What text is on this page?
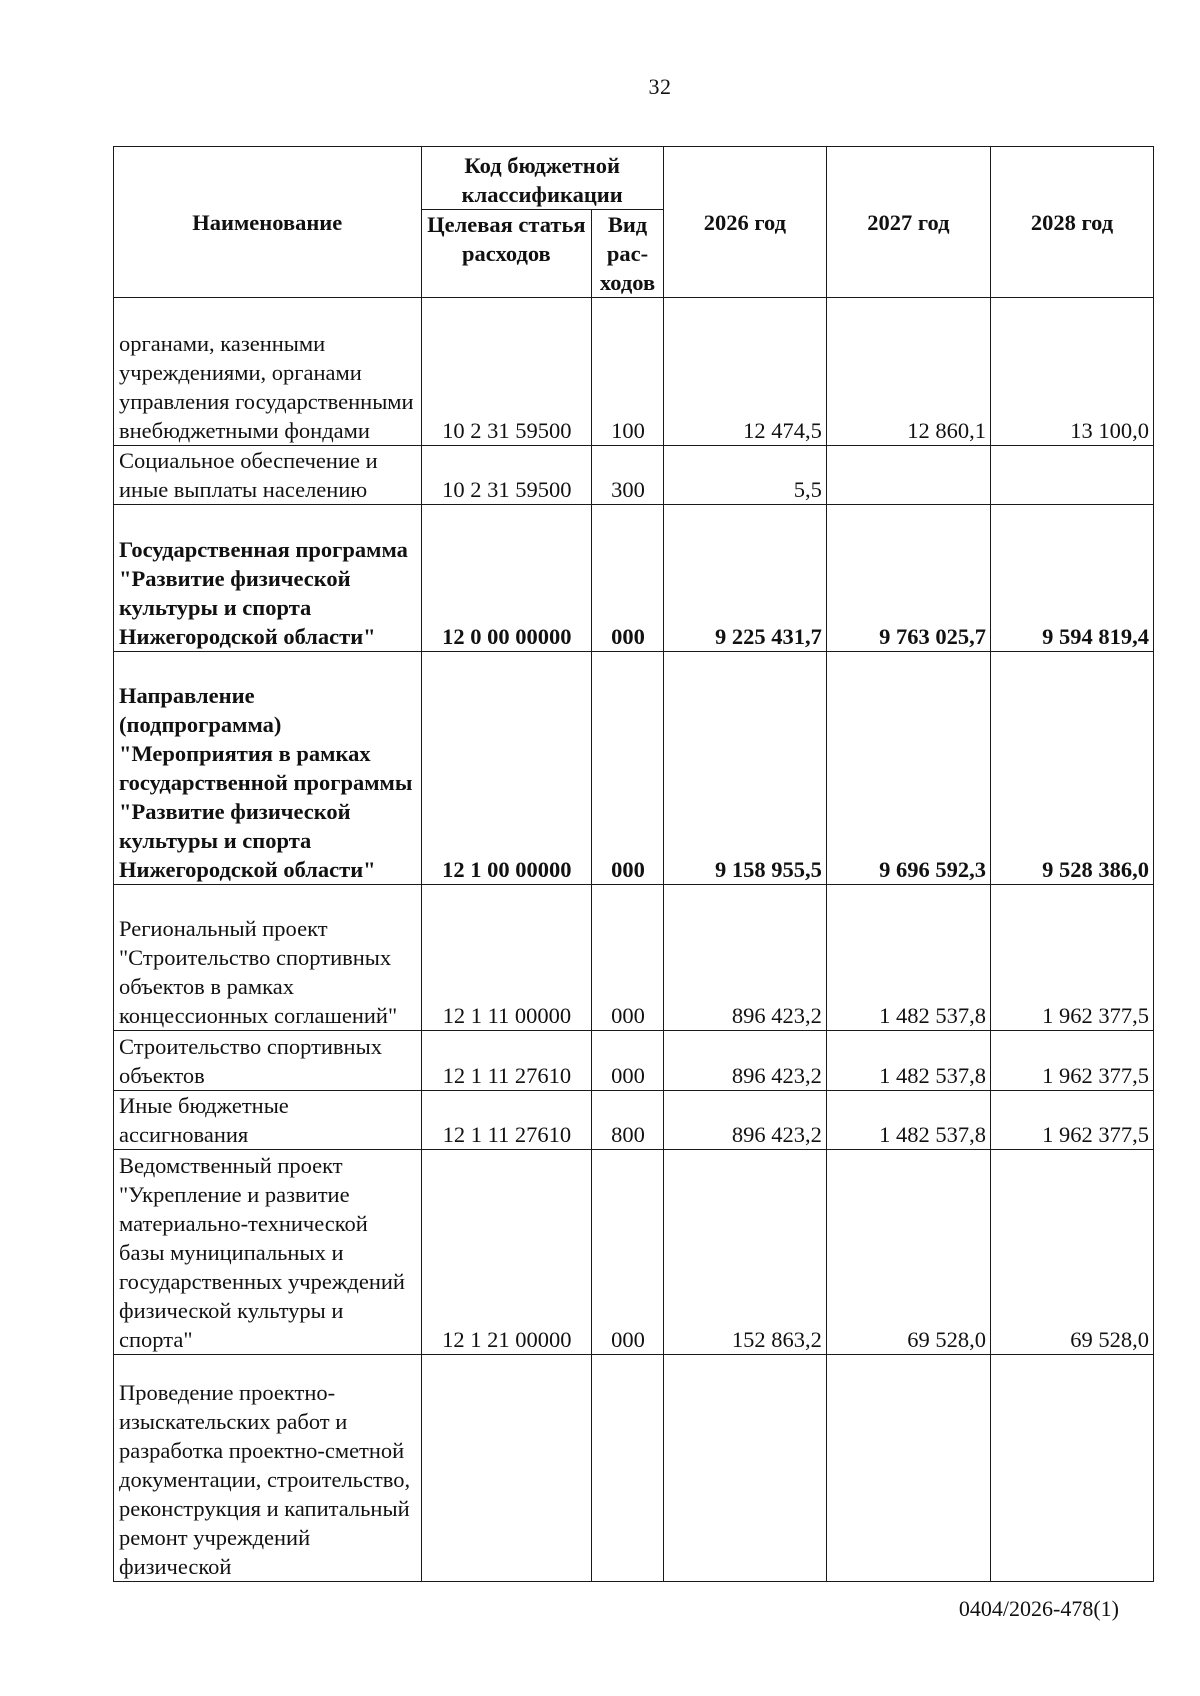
32
Наименование	Код бюджетной классификации		2026 год	2027 год	2028 год
	Целевая статья расходов	Вид рас-ходов			
органами, казенными учреждениями, органами управления государственными внебюджетными фондами	10 2 31 59500	100	12 474,5	12 860,1	13 100,0
Социальное обеспечение и иные выплаты населению	10 2 31 59500	300	5,5		
Государственная программа "Развитие физической культуры и спорта Нижегородской области"	12 0 00 00000	000	9 225 431,7	9 763 025,7	9 594 819,4
Направление (подпрограмма) "Мероприятия в рамках государственной программы "Развитие физической культуры и спорта Нижегородской области"	12 1 00 00000	000	9 158 955,5	9 696 592,3	9 528 386,0
Региональный проект "Строительство спортивных объектов в рамках концессионных соглашений"	12 1 11 00000	000	896 423,2	1 482 537,8	1 962 377,5
Строительство спортивных объектов	12 1 11 27610	000	896 423,2	1 482 537,8	1 962 377,5
Иные бюджетные ассигнования	12 1 11 27610	800	896 423,2	1 482 537,8	1 962 377,5
Ведомственный проект "Укрепление и развитие материально-технической базы муниципальных и государственных учреждений физической культуры и спорта"	12 1 21 00000	000	152 863,2	69 528,0	69 528,0
Проведение проектно-изыскательских работ и разработка проектно-сметной документации, строительство, реконструкция и капитальный ремонт учреждений физической					
0404/2026-478(1)
